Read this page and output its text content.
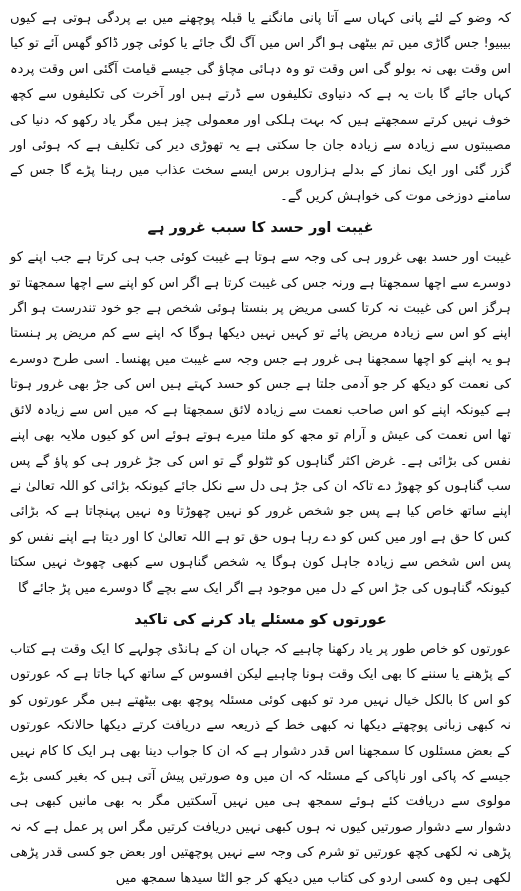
کہ وضو کے لئے پانی کہاں سے آتا پانی مانگنے یا قبلہ پوچھنے میں بے پردگی ہوتی ہے کیوں بیبیو! جس گاڑی میں تم بیٹھی ہو اگر اس میں آگ لگ جائے یا کوئی چور ڈاکو گھس آئے تو کیا اس وقت بھی نہ بولو گی اس وقت تو وہ دہائی مچاؤ گی جیسے قیامت آگئی اس وقت پردہ کہاں جائے گا بات یہ ہے کہ دنیاوی تکلیفوں سے ڈرتے ہیں اور آخرت کی تکلیفوں سے کچھ خوف نہیں کرتے سمجھتے ہیں کہ بہت ہلکی اور معمولی چیز ہیں مگر یاد رکھو کہ دنیا کی مصیبتوں سے زیادہ سے زیادہ جان جا سکتی ہے یہ تھوڑی دیر کی تکلیف ہے کہ ہوئی اور گزر گئی اور ایک نماز کے بدلے ہزاروں برس ایسے سخت عذاب میں رہنا پڑے گا جس کے سامنے دوزخی موت کی خواہش کریں گے۔

غیبت اور حسد کا سبب غرور ہے

غیبت اور حسد بھی غرور ہی کی وجہ سے ہوتا ہے غیبت کوئی جب ہی کرتا ہے جب اپنے کو دوسرے سے اچھا سمجھتا ہے ورنہ جس کی غیبت کرتا ہے اگر اس کو اپنے سے اچھا سمجھتا تو ہرگز اس کی غیبت نہ کرتا کسی مریض پر بنستا ہوئی شخص ہے جو خود تندرست ہو اگر اپنے کو اس سے زیادہ مریض پائے تو کہیں نہیں دیکھا ہوگا کہ اپنے سے کم مریض پر ہنستا ہو یہ اپنے کو اچھا سمجھنا ہی غرور ہے جس وجہ سے غیبت میں پھنسا۔ اسی طرح دوسرے کی نعمت کو دیکھ کر جو آدمی جلتا ہے جس کو حسد کہتے ہیں اس کی جڑ بھی غرور ہوتا ہے کیونکہ اپنے کو اس صاحب نعمت سے زیادہ لائق سمجھتا ہے کہ میں اس سے زیادہ لائق تھا اس نعمت کی عیش و آرام تو مجھ کو ملتا میرے ہوتے ہوئے اس کو کیوں ملایہ بھی اپنے نفس کی بڑائی ہے۔ غرض اکثر گناہوں کو ٹٹولو گے تو اس کی جڑ غرور ہی کو پاؤ گے پس سب گناہوں کو چھوڑ دے تاکہ ان کی جڑ ہی دل سے نکل جائے کیونکہ بڑائی کو اللہ تعالیٰ نے اپنے ساتھ خاص کیا ہے پس جو شخص غرور کو نہیں چھوڑتا وہ نہیں پہنچاتا ہے کہ بڑائی کس کا حق ہے اور میں کس کو دے رہا ہوں حق تو ہے اللہ تعالیٰ کا اور دیتا ہے اپنے نفس کو پس اس شخص سے زیادہ جاہل کون ہوگا یہ شخص گناہوں سے کبھی چھوٹ نہیں سکتا کیونکہ گناہوں کی جڑ اس کے دل میں موجود ہے اگر ایک سے بچے گا دوسرے میں پڑ جائے گا

عورتوں کو مسئلے یاد کرنے کی تاکید

عورتوں کو خاص طور پر یاد رکھنا چاہیے کہ جہاں ان کے ہانڈی چولہے کا ایک وقت ہے کتاب کے پڑھنے یا سننے کا بھی ایک وقت ہونا چاہیے لیکن افسوس کے ساتھ کہا جاتا ہے کہ عورتوں کو اس کا بالکل خیال نہیں مرد تو کبھی کوئی مسئلہ پوچھ بھی بیٹھتے ہیں مگر عورتوں کو نہ کبھی زبانی پوچھتے دیکھا نہ کبھی خط کے ذریعہ سے دریافت کرتے دیکھا حالانکہ عورتوں کے بعض مسئلوں کا سمجھنا اس قدر دشوار ہے کہ ان کا جواب دینا بھی ہر ایک کا کام نہیں جیسے کہ پاکی اور ناپاکی کے مسئلہ کہ ان میں وہ صورتیں پیش آتی ہیں کہ بغیر کسی بڑے مولوی سے دریافت کئے ہوئے سمجھ ہی میں نہیں آسکتیں مگر بہ بھی مانیں کبھی ہی دشوار سے دشوار صورتیں کیوں نہ ہوں کبھی نہیں دریافت کرتیں مگر اس پر عمل ہے کہ نہ پڑھی نہ لکھی کچھ عورتیں تو شرم کی وجہ سے نہیں پوچھتیں اور بعض جو کسی قدر پڑھی لکھی ہیں وہ کسی اردو کی کتاب میں دیکھ کر جو الٹا سیدھا سمجھ میں
